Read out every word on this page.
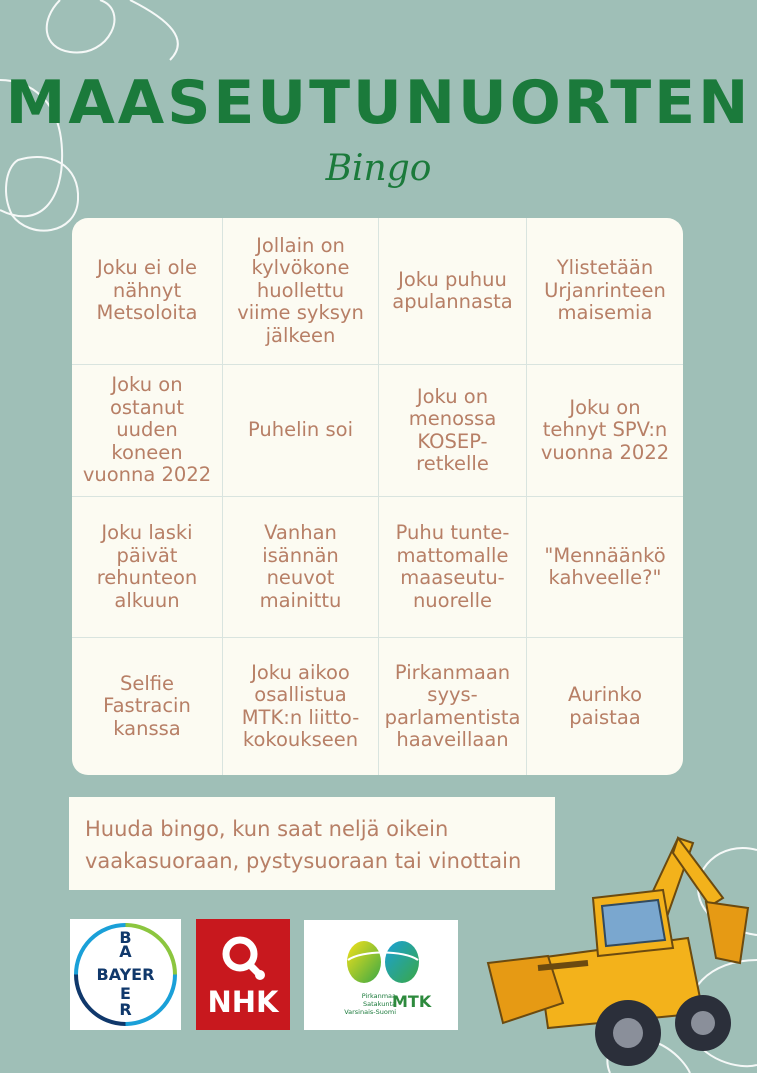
MAASEUTUNUORTEN
Bingo
Joku ei ole
nähnyt
Metsoloita
Jollain on
kylvökone
huollettu
viime syksyn
jälkeen
Joku puhuu
apulannasta
Ylistetään
Urjanrinteen
maisemia
Joku on
ostanut uuden
koneen
vuonna 2022
Puhelin soi
Joku on
menossa
KOSEP-
retkelle
Joku on
tehnyt SPV:n
vuonna 2022
Joku laski
päivät
rehunteon
alkuun
Vanhan
isännän
neuvot
mainittu
Puhu tunte-
mattomalle
maaseutu-
nuorelle
"Mennäänkö
kahveelle?"
Selfie
Fastracin
kanssa
Joku aikoo
osallistua
MTK:n liitto-
kokoukseen
Pirkanmaan
syys-
parlamentista
haaveillaan
Aurinko
paistaa
Huuda bingo, kun saat neljä oikein
vaakasuoraan, pystysuoraan tai vinottain
BAYER
B
A
E
R	NHK	Pirkanmaa
Satakunta
Varsinais-Suomi
MTK
